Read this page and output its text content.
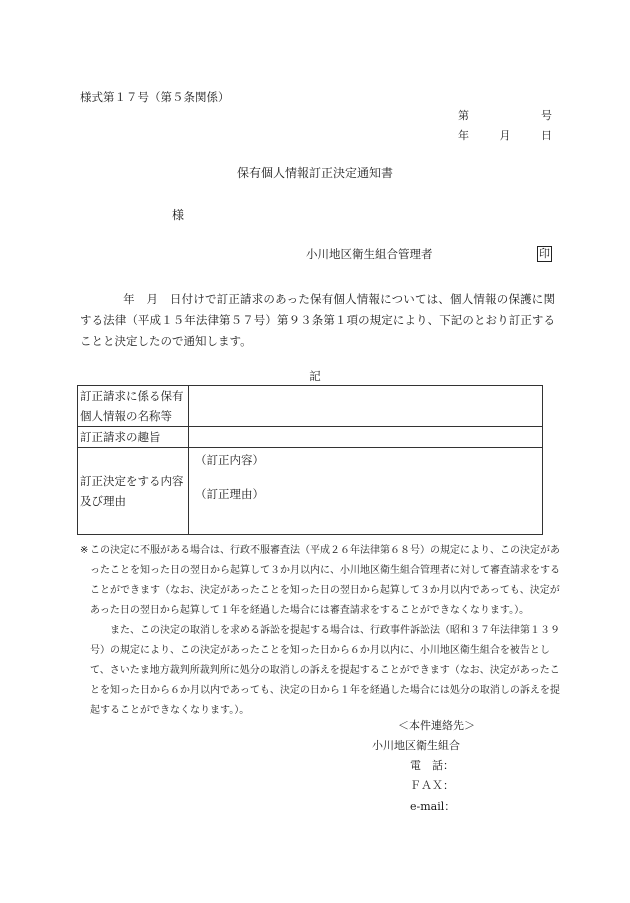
様式第１７号（第５条関係）
第	号
年	月	日
保有個人情報訂正決定通知書
様
小川地区衛生組合管理者	印
年　月　日付けで訂正請求のあった保有個人情報については、個人情報の保護に関する法律（平成１５年法律第５７号）第９３条第１項の規定により、下記のとおり訂正することと決定したので通知します。
記
訂正請求に係る保有個人情報の名称等	
訂正請求の趣旨	
訂正決定をする内容及び理由	（訂正内容）
（訂正理由）
※ この決定に不服がある場合は、行政不服審査法（平成２６年法律第６８号）の規定により、この決定があったことを知った日の翌日から起算して３か月以内に、小川地区衛生組合管理者に対して審査請求をすることができます（なお、決定があったことを知った日の翌日から起算して３か月以内であっても、決定があった日の翌日から起算して１年を経過した場合には審査請求をすることができなくなります。）。
また、この決定の取消しを求める訴訟を提起する場合は、行政事件訴訟法（昭和３７年法律第１３９号）の規定により、この決定があったことを知った日から６か月以内に、小川地区衛生組合を被告として、さいたま地方裁判所裁判所に処分の取消しの訴えを提起することができます（なお、決定があったことを知った日から６か月以内であっても、決定の日から１年を経過した場合には処分の取消しの訴えを提起することができなくなります。）。
＜本件連絡先＞
小川地区衛生組合
電　話：
ＦＡＸ：
e-mail：
